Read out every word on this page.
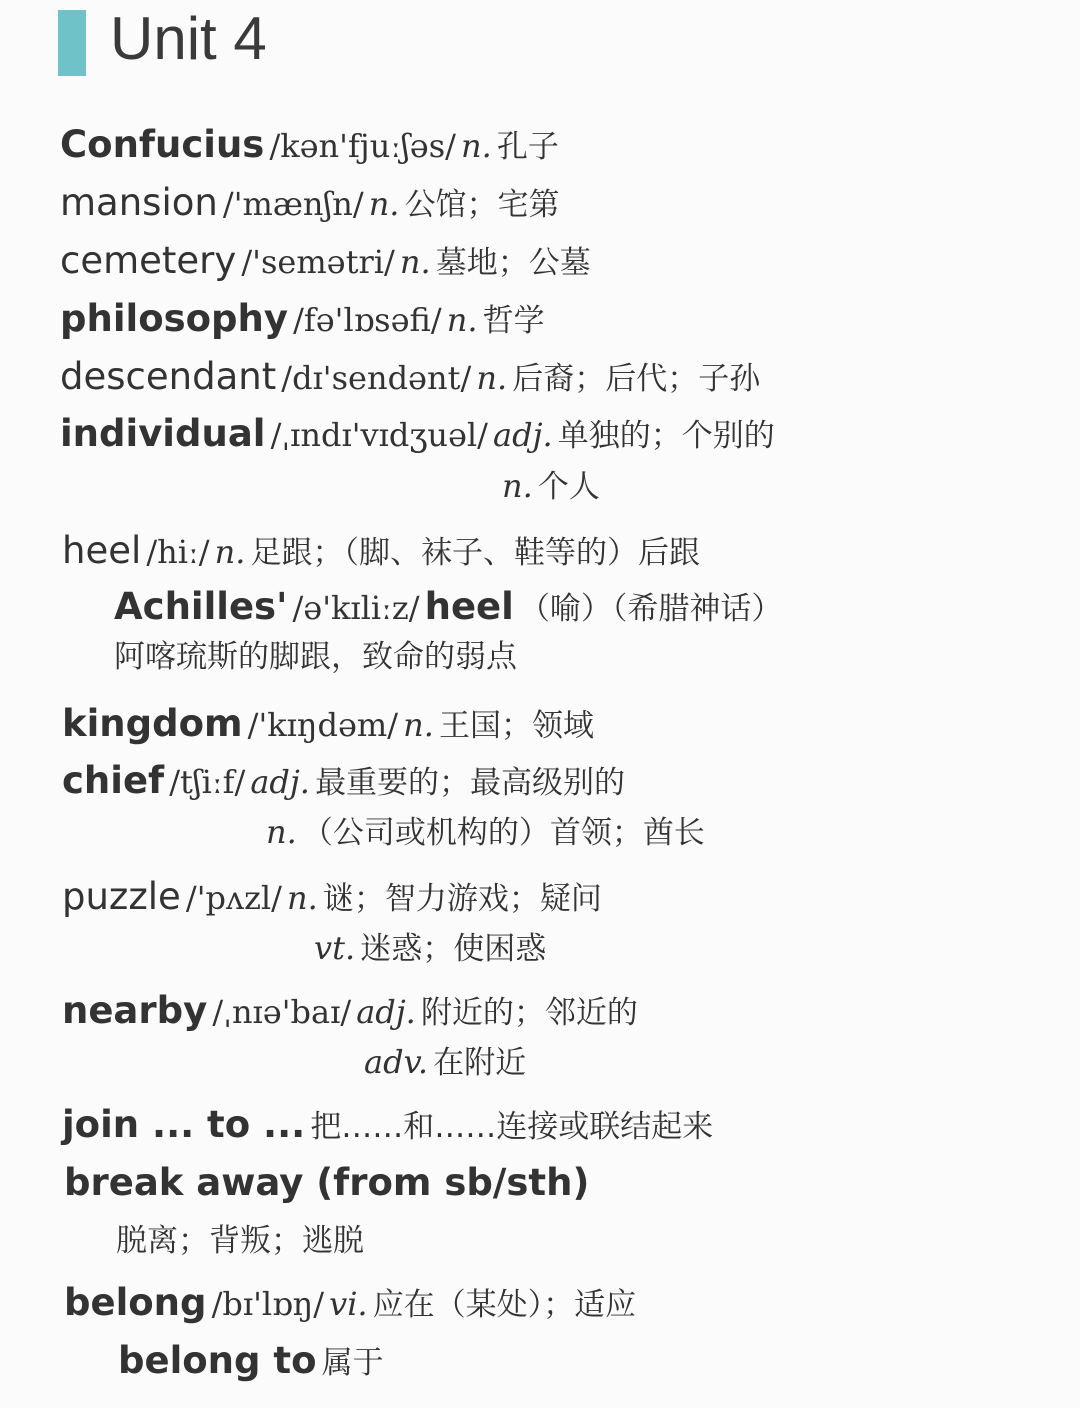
Unit 4
Confucius /kən'fjuːʃəs/ n. 孔子
mansion /'mænʃn/ n. 公馆；宅第
cemetery /'semətri/ n. 墓地；公墓
philosophy /fə'lɒsəfi/ n. 哲学
descendant /dɪ'sendənt/ n. 后裔；后代；子孙
individual /ˌɪndɪ'vɪdʒuəl/ adj. 单独的；个别的
n. 个人
heel /hiː/ n. 足跟；（脚、袜子、鞋等的）后跟
Achilles' /ə'kɪliːz/ heel （喻）（希腊神话）
阿喀琉斯的脚跟，致命的弱点
kingdom /'kɪŋdəm/ n. 王国；领域
chief /tʃiːf/ adj. 最重要的；最高级别的
n. （公司或机构的）首领；酋长
puzzle /'pʌzl/ n. 谜；智力游戏；疑问
vt. 迷惑；使困惑
nearby /ˌnɪə'baɪ/ adj. 附近的；邻近的
adv. 在附近
join ... to ... 把……和……连接或联结起来
break away (from sb/sth)
脱离；背叛；逃脱
belong /bɪ'lɒŋ/ vi. 应在（某处）；适应
belong to 属于
